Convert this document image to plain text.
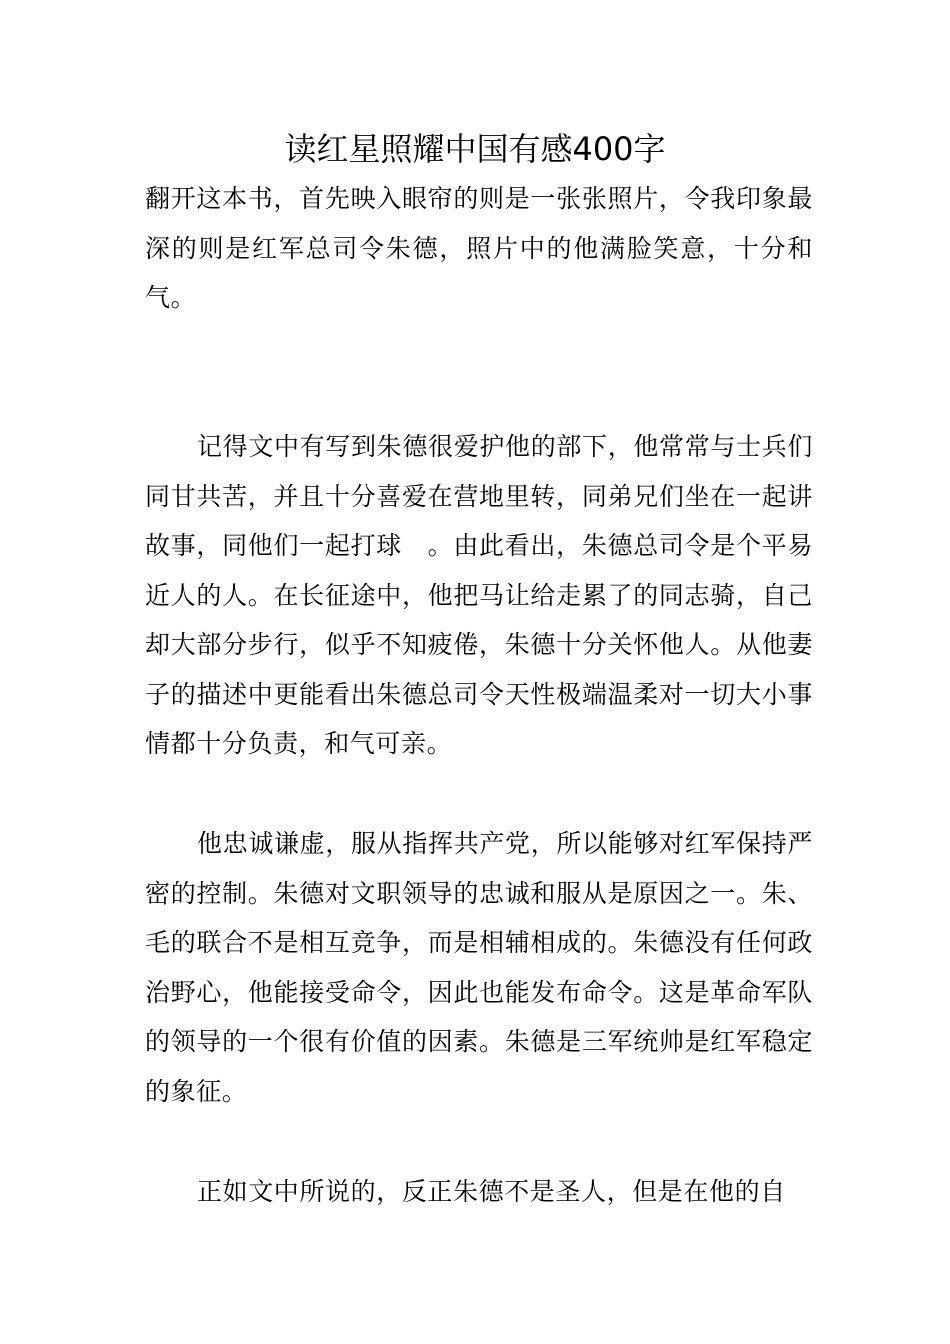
读红星照耀中国有感400字

翻开这本书，首先映入眼帘的则是一张张照片，令我印象最深的则是红军总司令朱德，照片中的他满脸笑意，十分和气。

记得文中有写到朱德很爱护他的部下，他常常与士兵们同甘共苦，并且十分喜爱在营地里转，同弟兄们坐在一起讲故事，同他们一起打球　。由此看出，朱德总司令是个平易近人的人。在长征途中，他把马让给走累了的同志骑，自己却大部分步行，似乎不知疲倦，朱德十分关怀他人。从他妻子的描述中更能看出朱德总司令天性极端温柔对一切大小事情都十分负责，和气可亲。

他忠诚谦虚，服从指挥共产党，所以能够对红军保持严密的控制。朱德对文职领导的忠诚和服从是原因之一。朱、毛的联合不是相互竞争，而是相辅相成的。朱德没有任何政治野心，他能接受命令，因此也能发布命令。这是革命军队的领导的一个很有价值的因素。朱德是三军统帅是红军稳定的象征。

正如文中所说的，反正朱德不是圣人，但是在他的自
